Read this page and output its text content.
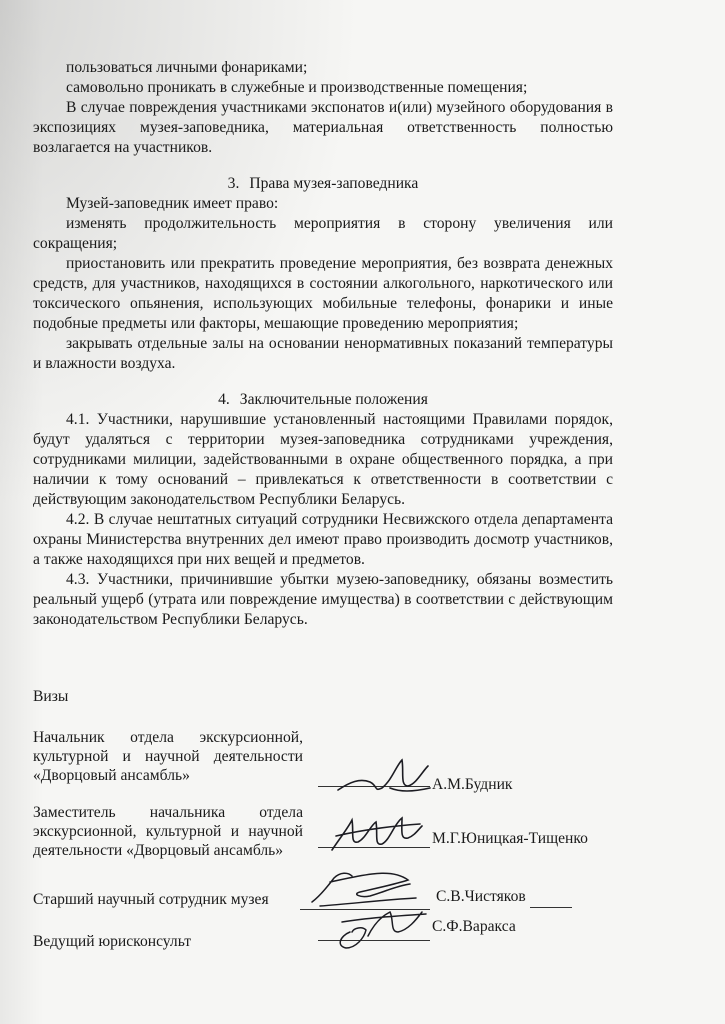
пользоваться личными фонариками;

самовольно проникать в служебные и производственные помещения;

В случае повреждения участниками экспонатов и(или) музейного оборудования в экспозициях музея-заповедника, материальная ответственность полностью возлагается на участников.

3. Права музея-заповедника

Музей-заповедник имеет право:

изменять продолжительность мероприятия в сторону увеличения или сокращения;

приостановить или прекратить проведение мероприятия, без возврата денежных средств, для участников, находящихся в состоянии алкогольного, наркотического или токсического опьянения, использующих мобильные телефоны, фонарики и иные подобные предметы или факторы, мешающие проведению мероприятия;

закрывать отдельные залы на основании ненормативных показаний температуры и влажности воздуха.

4. Заключительные положения

4.1. Участники, нарушившие установленный настоящими Правилами порядок, будут удаляться с территории музея-заповедника сотрудниками учреждения, сотрудниками милиции, задействованными в охране общественного порядка, а при наличии к тому оснований – привлекаться к ответственности в соответствии с действующим законодательством Республики Беларусь.

4.2. В случае нештатных ситуаций сотрудники Несвижского отдела департамента охраны Министерства внутренних дел имеют право производить досмотр участников, а также находящихся при них вещей и предметов.

4.3. Участники, причинившие убытки музею-заповеднику, обязаны возместить реальный ущерб (утрата или повреждение имущества) в соответствии с действующим законодательством Республики Беларусь.

Визы
Начальник отдела экскурсионной,
культурной и научной деятельности
«Дворцовый ансамбль»
А.М.Будник
Заместитель начальника отдела
экскурсионной, культурной и научной
деятельности «Дворцовый ансамбль»
М.Г.Юницкая-Тищенко
Старший научный сотрудник музея	С.В.Чистяков
Ведущий юрисконсульт
С.Ф.Варакса
